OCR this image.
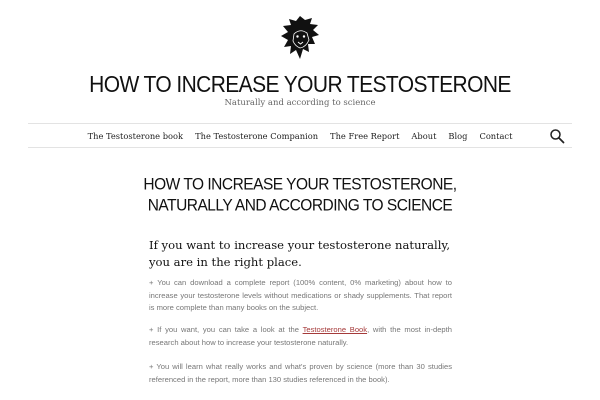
HOW TO INCREASE YOUR TESTOSTERONE
Naturally and according to science
The Testosterone book The Testosterone Companion The Free Report About Blog Contact
HOW TO INCREASE YOUR TESTOSTERONE, NATURALLY AND ACCORDING TO SCIENCE
If you want to increase your testosterone naturally, you are in the right place.

+ You can download a complete report (100% content, 0% marketing) about how to increase your testosterone levels without medications or shady supplements. That report is more complete than many books on the subject.

+ If you want, you can take a look at the Testosterone Book, with the most in-depth research about how to increase your testosterone naturally.

+ You will learn what really works and what's proven by science (more than 30 studies referenced in the report, more than 130 studies referenced in the book).
